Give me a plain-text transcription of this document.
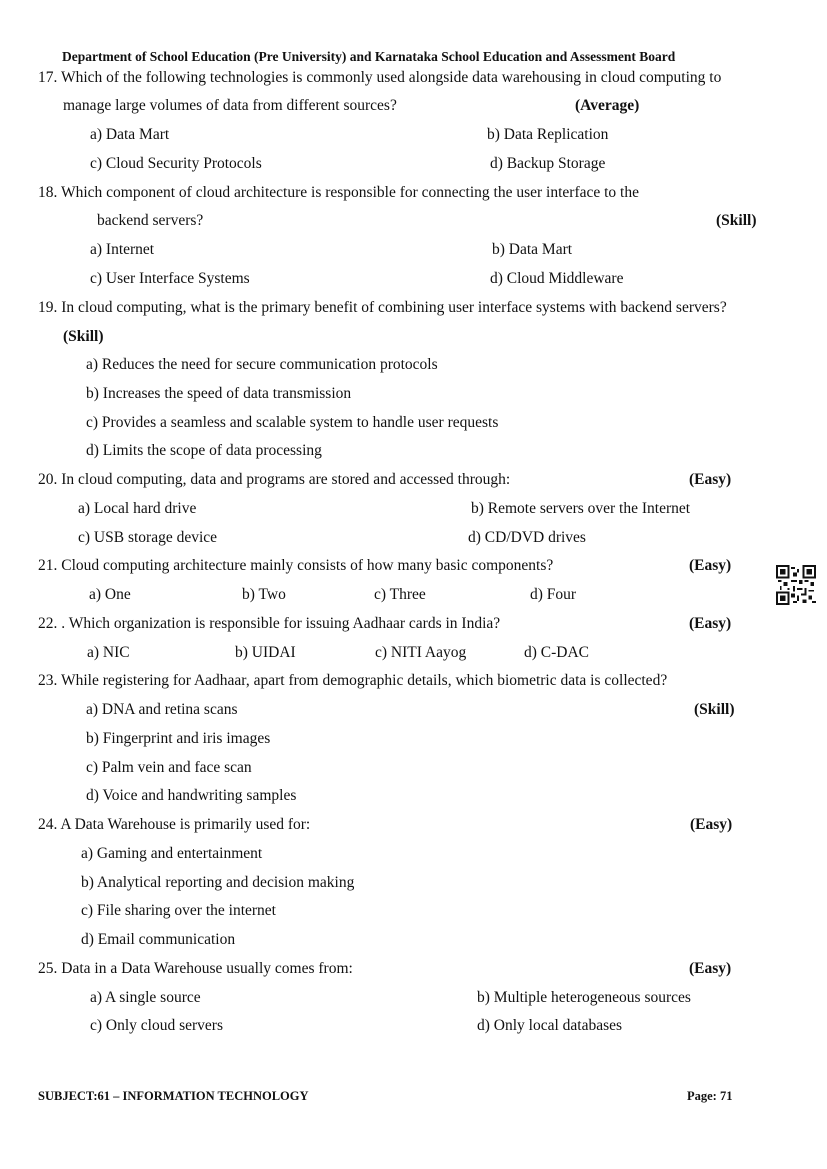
Department of School Education (Pre University) and Karnataka School Education and Assessment Board
17. Which of the following technologies is commonly used alongside data warehousing in cloud computing to
manage large volumes of data from different sources?	(Average)
a) Data Mart	b) Data Replication
c) Cloud Security Protocols	d) Backup Storage
18. Which component of cloud architecture is responsible for connecting the user interface to the
backend servers?	(Skill)
a) Internet	b) Data Mart
c) User Interface Systems	d) Cloud Middleware
19. In cloud computing, what is the primary benefit of combining user interface systems with backend servers?
(Skill)
a) Reduces the need for secure communication protocols
b) Increases the speed of data transmission
c) Provides a seamless and scalable system to handle user requests
d) Limits the scope of data processing
20. In cloud computing, data and programs are stored and accessed through:	(Easy)
a) Local hard drive	b) Remote servers over the Internet
c) USB storage device	d) CD/DVD drives
21. Cloud computing architecture mainly consists of how many basic components?	(Easy)
a) One	b) Two	c) Three	d) Four
22. . Which organization is responsible for issuing Aadhaar cards in India?	(Easy)
a) NIC	b) UIDAI	c) NITI Aayog	d) C-DAC
23. While registering for Aadhaar, apart from demographic details, which biometric data is collected?
a) DNA and retina scans	(Skill)
b) Fingerprint and iris images
c) Palm vein and face scan
d) Voice and handwriting samples
24. A Data Warehouse is primarily used for:	(Easy)
a) Gaming and entertainment
b) Analytical reporting and decision making
c) File sharing over the internet
d) Email communication
25. Data in a Data Warehouse usually comes from:	(Easy)
a) A single source	b) Multiple heterogeneous sources
c) Only cloud servers	d) Only local databases
SUBJECT:61 – INFORMATION TECHNOLOGY	Page: 71
